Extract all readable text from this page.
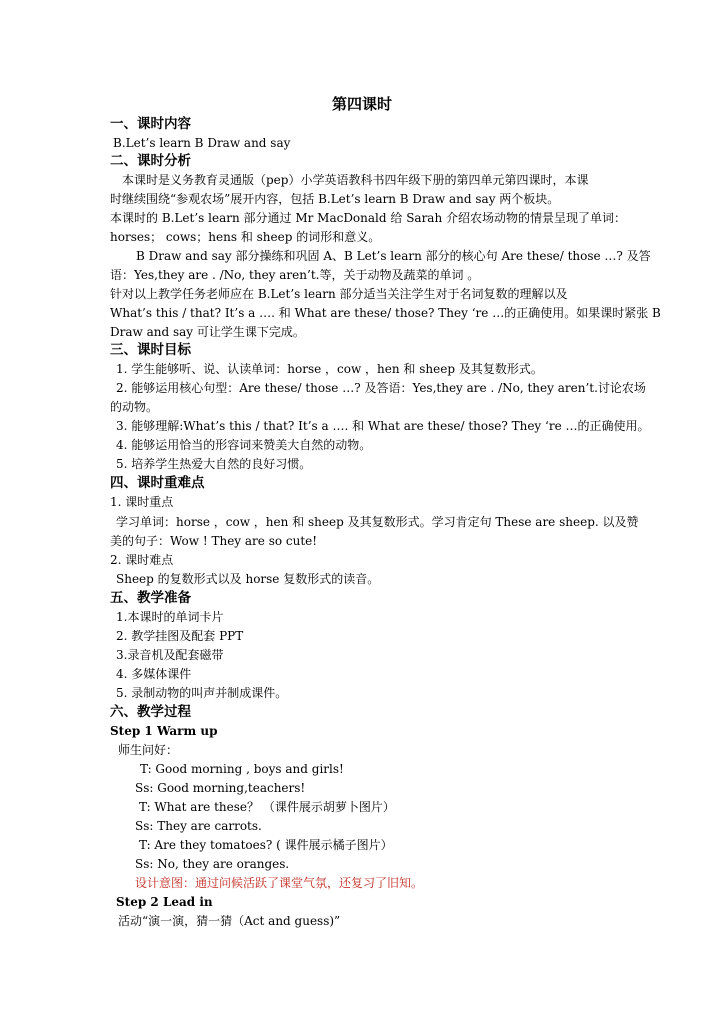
第四课时
一、课时内容
B.Let’s learn B Draw and say
二、课时分析
本课时是义务教育灵通版（pep）小学英语教科书四年级下册的第四单元第四课时，本课
时继续围绕“参观农场”展开内容，包括 B.Let’s learn B Draw and say 两个板块。
本课时的 B.Let’s learn 部分通过 Mr MacDonald 给 Sarah 介绍农场动物的情景呈现了单词：
horses； cows；hens 和 sheep 的词形和意义。
B Draw and say 部分操练和巩固 A、B Let’s learn 部分的核心句 Are these/ those …? 及答
语：Yes,they are . /No, they aren’t.等，关于动物及蔬菜的单词 。
针对以上教学任务老师应在 B.Let’s learn 部分适当关注学生对于名词复数的理解以及
What’s this / that? It’s a …. 和 What are these/ those? They ‘re …的正确使用。如果课时紧张 B
Draw and say 可让学生课下完成。
三、课时目标
1. 学生能够听、说、认读单词：horse ，cow ，hen 和 sheep 及其复数形式。
2. 能够运用核心句型：Are these/ those …? 及答语：Yes,they are . /No, they aren’t.讨论农场
的动物。
3. 能够理解:What’s this / that? It’s a …. 和 What are these/ those? They ‘re …的正确使用。
4. 能够运用恰当的形容词来赞美大自然的动物。
5. 培养学生热爱大自然的良好习惯。
四、课时重难点
1. 课时重点
学习单词：horse ，cow ，hen 和 sheep 及其复数形式。学习肯定句 These are sheep. 以及赞
美的句子：Wow ! They are so cute!
2. 课时难点
Sheep 的复数形式以及 horse 复数形式的读音。
五、教学准备
1.本课时的单词卡片
2. 教学挂图及配套 PPT
3.录音机及配套磁带
4. 多媒体课件
5. 录制动物的叫声并制成课件。
六、教学过程
Step 1 Warm up
师生问好：
T: Good morning , boys and girls!
Ss: Good morning,teachers!
T: What are these？ （课件展示胡萝卜图片）
Ss: They are carrots.
T: Are they tomatoes? ( 课件展示橘子图片）
Ss: No, they are oranges.
设计意图：通过问候活跃了课堂气氛，还复习了旧知。
Step 2 Lead in
活动“演一演，猜一猜（Act and guess)”
